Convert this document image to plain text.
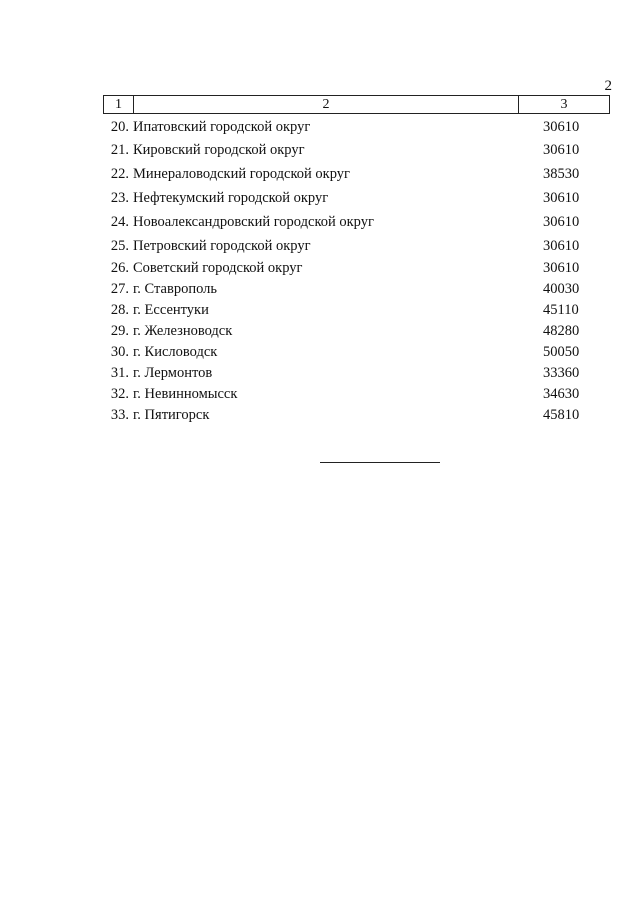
2
1	2	3
20. Ипатовский городской округ	30610
21. Кировский городской округ	30610
22. Минераловодский городской округ	38530
23. Нефтекумский городской округ	30610
24. Новоалександровский городской округ	30610
25. Петровский городской округ	30610
26. Советский городской округ	30610
27. г. Ставрополь	40030
28. г. Ессентуки	45110
29. г. Железноводск	48280
30. г. Кисловодск	50050
31. г. Лермонтов	33360
32. г. Невинномысск	34630
33. г. Пятигорск	45810
